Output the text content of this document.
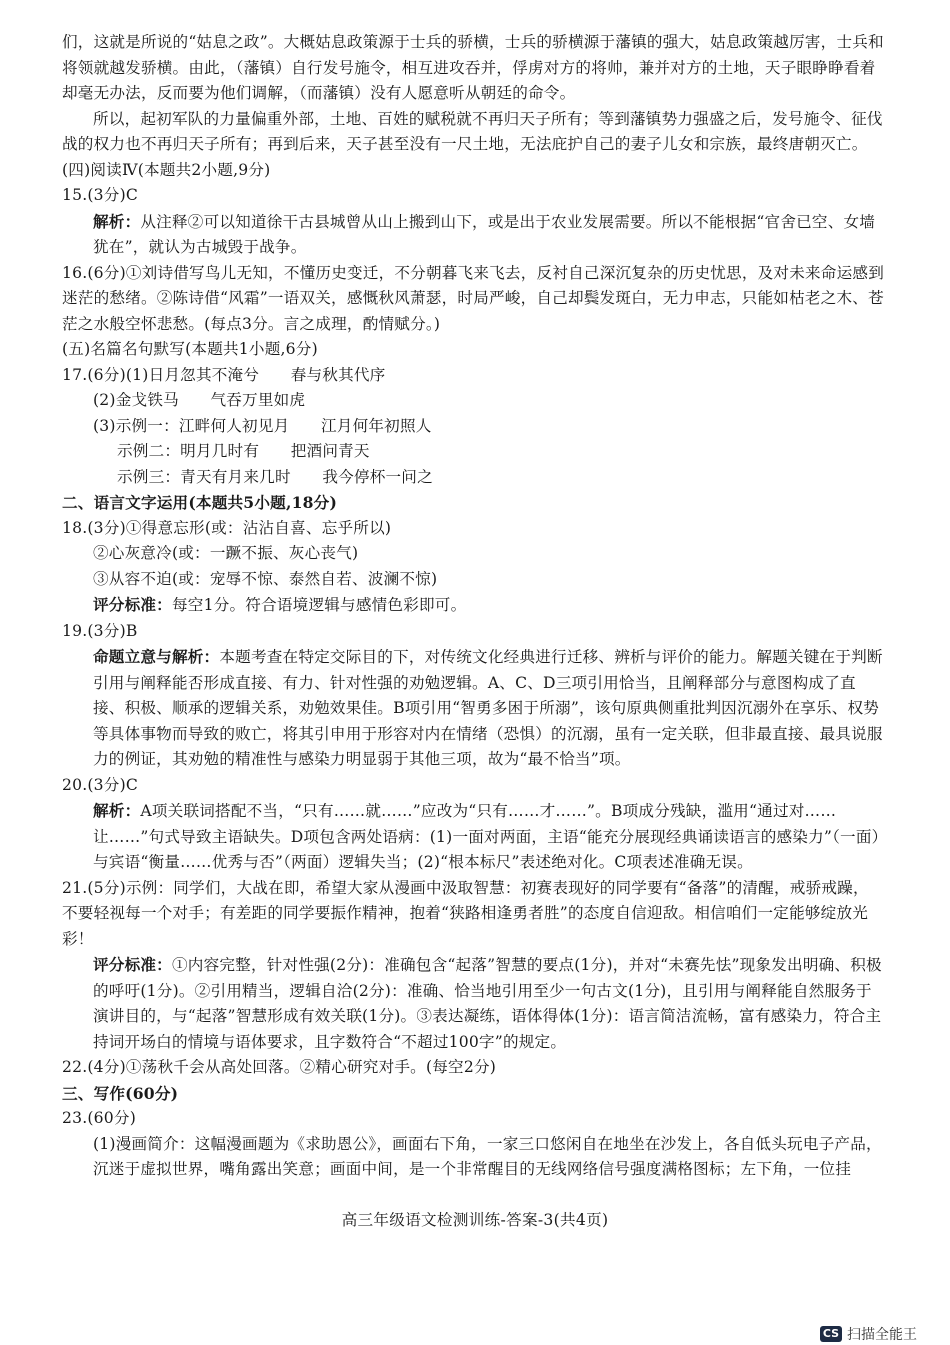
们，这就是所说的“姑息之政”。大概姑息政策源于士兵的骄横，士兵的骄横源于藩镇的强大，姑息政策越厉害，士兵和将领就越发骄横。由此，（藩镇）自行发号施令，相互进攻吞并，俘虏对方的将帅，兼并对方的土地，天子眼睁睁看着却毫无办法，反而要为他们调解，（而藩镇）没有人愿意听从朝廷的命令。

所以，起初军队的力量偏重外部，土地、百姓的赋税就不再归天子所有；等到藩镇势力强盛之后，发号施令、征伐战的权力也不再归天子所有；再到后来，天子甚至没有一尺土地，无法庇护自己的妻子儿女和宗族，最终唐朝灭亡。

(四)阅读Ⅳ(本题共2小题,9分)

15.(3分)C

解析：从注释②可以知道徐干古县城曾从山上搬到山下，或是出于农业发展需要。所以不能根据“官舍已空、女墙犹在”，就认为古城毁于战争。

16.(6分)①刘诗借写鸟儿无知，不懂历史变迁，不分朝暮飞来飞去，反衬自己深沉复杂的历史忧思，及对未来命运感到迷茫的愁绪。②陈诗借“风霜”一语双关，感慨秋风萧瑟，时局严峻，自己却鬓发斑白，无力申志，只能如枯老之木、苍茫之水般空怀悲愁。(每点3分。言之成理，酌情赋分。)

(五)名篇名句默写(本题共1小题,6分)

17.(6分)(1)日月忽其不淹兮　　春与秋其代序

(2)金戈铁马　　气吞万里如虎

(3)示例一：江畔何人初见月　　江月何年初照人

示例二：明月几时有　　把酒问青天

示例三：青天有月来几时　　我今停杯一问之

二、语言文字运用(本题共5小题,18分)

18.(3分)①得意忘形(或：沾沾自喜、忘乎所以)

②心灰意冷(或：一蹶不振、灰心丧气)

③从容不迫(或：宠辱不惊、泰然自若、波澜不惊)

评分标准：每空1分。符合语境逻辑与感情色彩即可。

19.(3分)B

命题立意与解析：本题考查在特定交际目的下，对传统文化经典进行迁移、辨析与评价的能力。解题关键在于判断引用与阐释能否形成直接、有力、针对性强的劝勉逻辑。A、C、D三项引用恰当，且阐释部分与意图构成了直接、积极、顺承的逻辑关系，劝勉效果佳。B项引用“智勇多困于所溺”，该句原典侧重批判因沉溺外在享乐、权势等具体事物而导致的败亡，将其引申用于形容对内在情绪（恐惧）的沉溺，虽有一定关联，但非最直接、最具说服力的例证，其劝勉的精准性与感染力明显弱于其他三项，故为“最不恰当”项。

20.(3分)C

解析：A项关联词搭配不当，“只有……就……”应改为“只有……才……”。B项成分残缺，滥用“通过对……让……”句式导致主语缺失。D项包含两处语病：(1)一面对两面，主语“能充分展现经典诵读语言的感染力”（一面）与宾语“衡量……优秀与否”（两面）逻辑失当；(2)“根本标尺”表述绝对化。C项表述准确无误。

21.(5分)示例：同学们，大战在即，希望大家从漫画中汲取智慧：初赛表现好的同学要有“备落”的清醒，戒骄戒躁，不要轻视每一个对手；有差距的同学要振作精神，抱着“狭路相逢勇者胜”的态度自信迎敌。相信咱们一定能够绽放光彩！

评分标准：①内容完整，针对性强(2分)：准确包含“起落”智慧的要点(1分)，并对“未赛先怯”现象发出明确、积极的呼吁(1分)。②引用精当，逻辑自洽(2分)：准确、恰当地引用至少一句古文(1分)，且引用与阐释能自然服务于演讲目的，与“起落”智慧形成有效关联(1分)。③表达凝练，语体得体(1分)：语言简洁流畅，富有感染力，符合主持词开场白的情境与语体要求，且字数符合“不超过100字”的规定。

22.(4分)①荡秋千会从高处回落。②精心研究对手。(每空2分)

三、写作(60分)

23.(60分)

(1)漫画简介：这幅漫画题为《求助恩公》，画面右下角，一家三口悠闲自在地坐在沙发上，各自低头玩电子产品，沉迷于虚拟世界，嘴角露出笑意；画面中间，是一个非常醒目的无线网络信号强度满格图标；左下角，一位挂

高三年级语文检测训练-答案-3(共4页)
CS 扫描全能王
